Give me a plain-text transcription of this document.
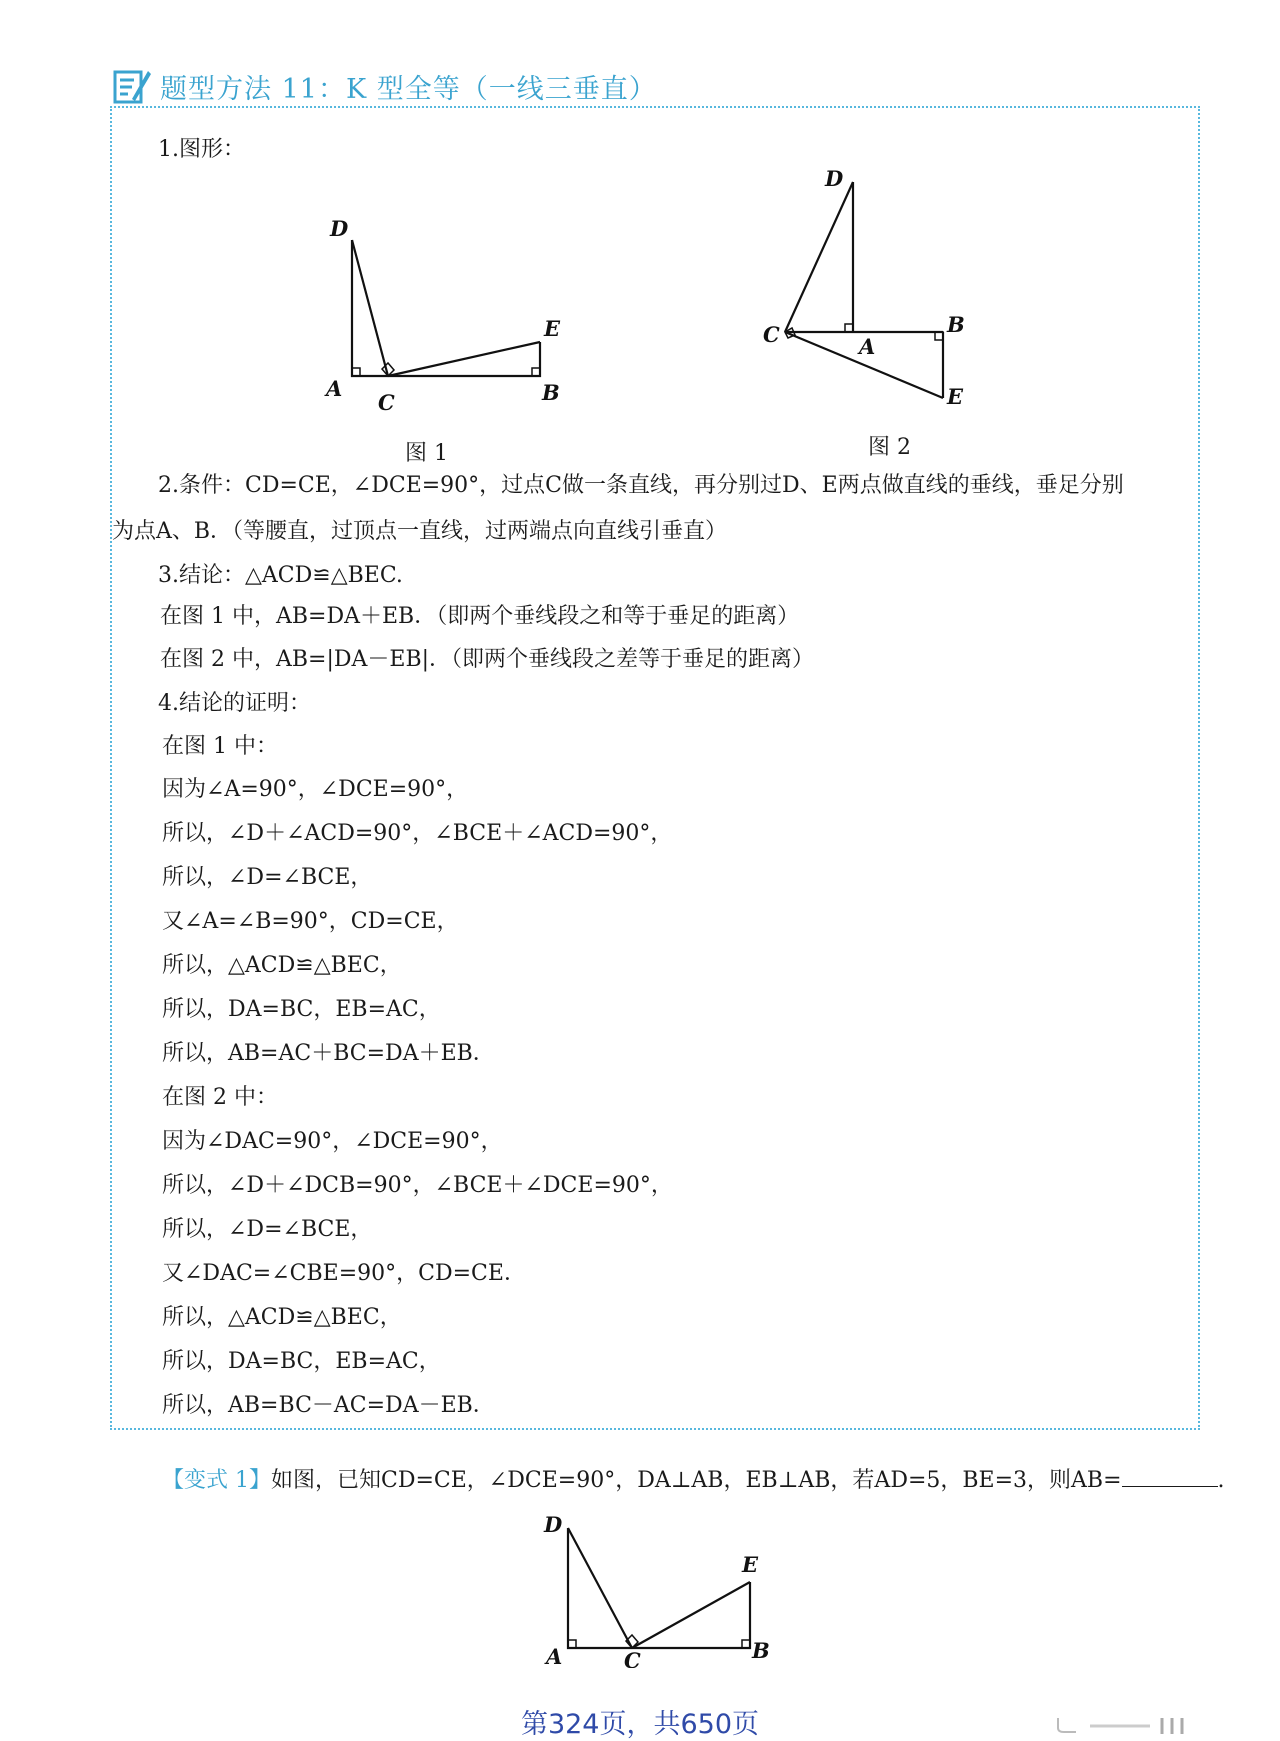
题型方法 11：K 型全等（一线三垂直）
1.图形：
D
E
A
C	B
图 1
D
C	A
B
E
图 2
2.条件：CD=CE，∠DCE=90°，过点C做一条直线，再分别过D、E两点做直线的垂线，垂足分别
为点A、B．（等腰直，过顶点一直线，过两端点向直线引垂直）
3.结论：△ACD≌△BEC.
在图 1 中，AB=DA＋EB．（即两个垂线段之和等于垂足的距离）
在图 2 中，AB=|DA－EB|．（即两个垂线段之差等于垂足的距离）
4.结论的证明：
在图 1 中：
因为∠A=90°，∠DCE=90°，
所以，∠D＋∠ACD=90°，∠BCE＋∠ACD=90°，
所以，∠D=∠BCE，
又∠A=∠B=90°，CD=CE，
所以，△ACD≌△BEC，
所以，DA=BC，EB=AC，
所以，AB=AC＋BC=DA＋EB．
在图 2 中：
因为∠DAC=90°，∠DCE=90°，
所以，∠D＋∠DCB=90°，∠BCE＋∠DCE=90°，
所以，∠D=∠BCE，
又∠DAC=∠CBE=90°，CD=CE．
所以，△ACD≌△BEC，
所以，DA=BC，EB=AC，
所以，AB=BC－AC=DA－EB．
【变式 1】如图，已知CD=CE，∠DCE=90°，DA⊥AB，EB⊥AB，若AD=5，BE=3，则AB=	.
D
E
A	C	B
第324页，共650页
